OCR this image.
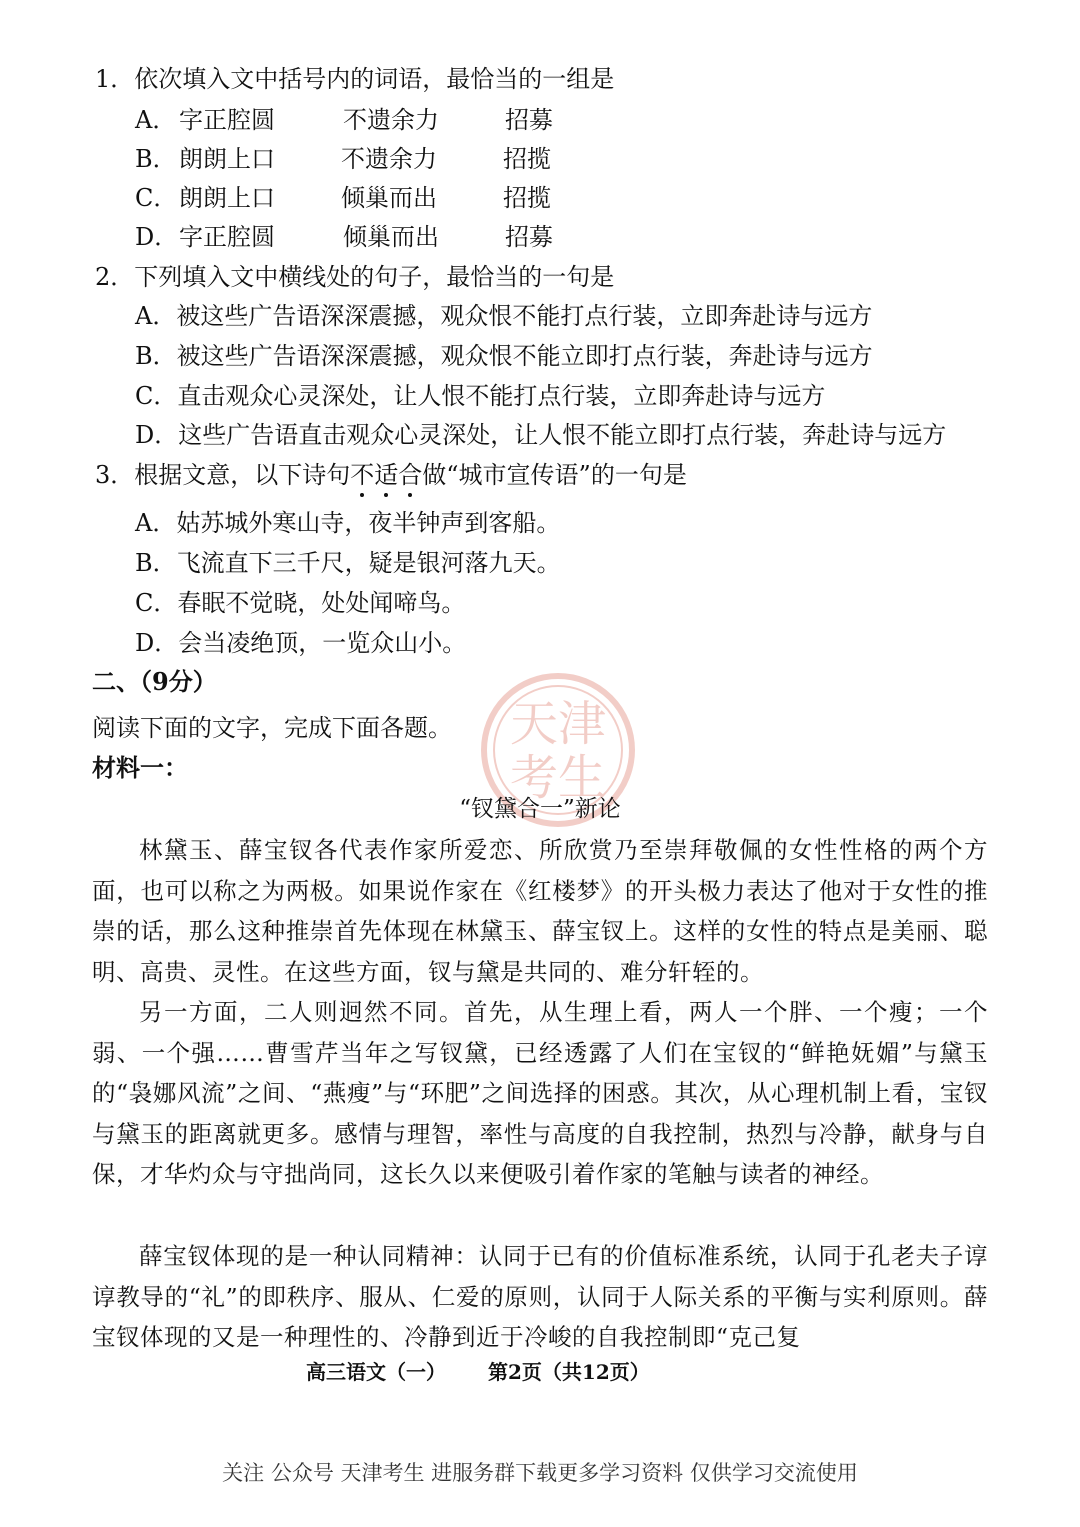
1．依次填入文中括号内的词语，最恰当的一组是
A． 字正腔圆	不遗余力	招募
B． 朗朗上口	不遗余力	招揽
C． 朗朗上口	倾巢而出	招揽
D． 字正腔圆	倾巢而出	招募
2．下列填入文中横线处的句子，最恰当的一句是
A．被这些广告语深深震撼，观众恨不能打点行装，立即奔赴诗与远方
B．被这些广告语深深震撼，观众恨不能立即打点行装，奔赴诗与远方
C．直击观众心灵深处，让人恨不能打点行装，立即奔赴诗与远方
D．这些广告语直击观众心灵深处，让人恨不能立即打点行装，奔赴诗与远方
3．根据文意，以下诗句不适合做“城市宣传语”的一句是
A．姑苏城外寒山寺，夜半钟声到客船。
B．飞流直下三千尺，疑是银河落九天。
C．春眠不觉晓，处处闻啼鸟。
D．会当凌绝顶，一览众山小。
二、（9分）
阅读下面的文字，完成下面各题。
材料一：
天津
考生
“钗黛合一”新论
林黛玉、薛宝钗各代表作家所爱恋、所欣赏乃至崇拜敬佩的女性性格的两个方面，也可以称之为两极。如果说作家在《红楼梦》的开头极力表达了他对于女性的推崇的话，那么这种推崇首先体现在林黛玉、薛宝钗上。这样的女性的特点是美丽、聪明、高贵、灵性。在这些方面，钗与黛是共同的、难分轩轾的。
另一方面，二人则迥然不同。首先，从生理上看，两人一个胖、一个瘦；一个弱、一个强……曹雪芹当年之写钗黛，已经透露了人们在宝钗的“鲜艳妩媚”与黛玉的“袅娜风流”之间、“燕瘦”与“环肥”之间选择的困惑。其次，从心理机制上看，宝钗与黛玉的距离就更多。感情与理智，率性与高度的自我控制，热烈与冷静，献身与自保，才华灼众与守拙尚同，这长久以来便吸引着作家的笔触与读者的神经。
薛宝钗体现的是一种认同精神：认同于已有的价值标准系统，认同于孔老夫子谆谆教导的“礼”的即秩序、服从、仁爱的原则，认同于人际关系的平衡与实利原则。薛宝钗体现的又是一种理性的、冷静到近于冷峻的自我控制即“克己复
高三语文（一） 第2页（共12页）
关注 公众号 天津考生 进服务群下载更多学习资料 仅供学习交流使用
